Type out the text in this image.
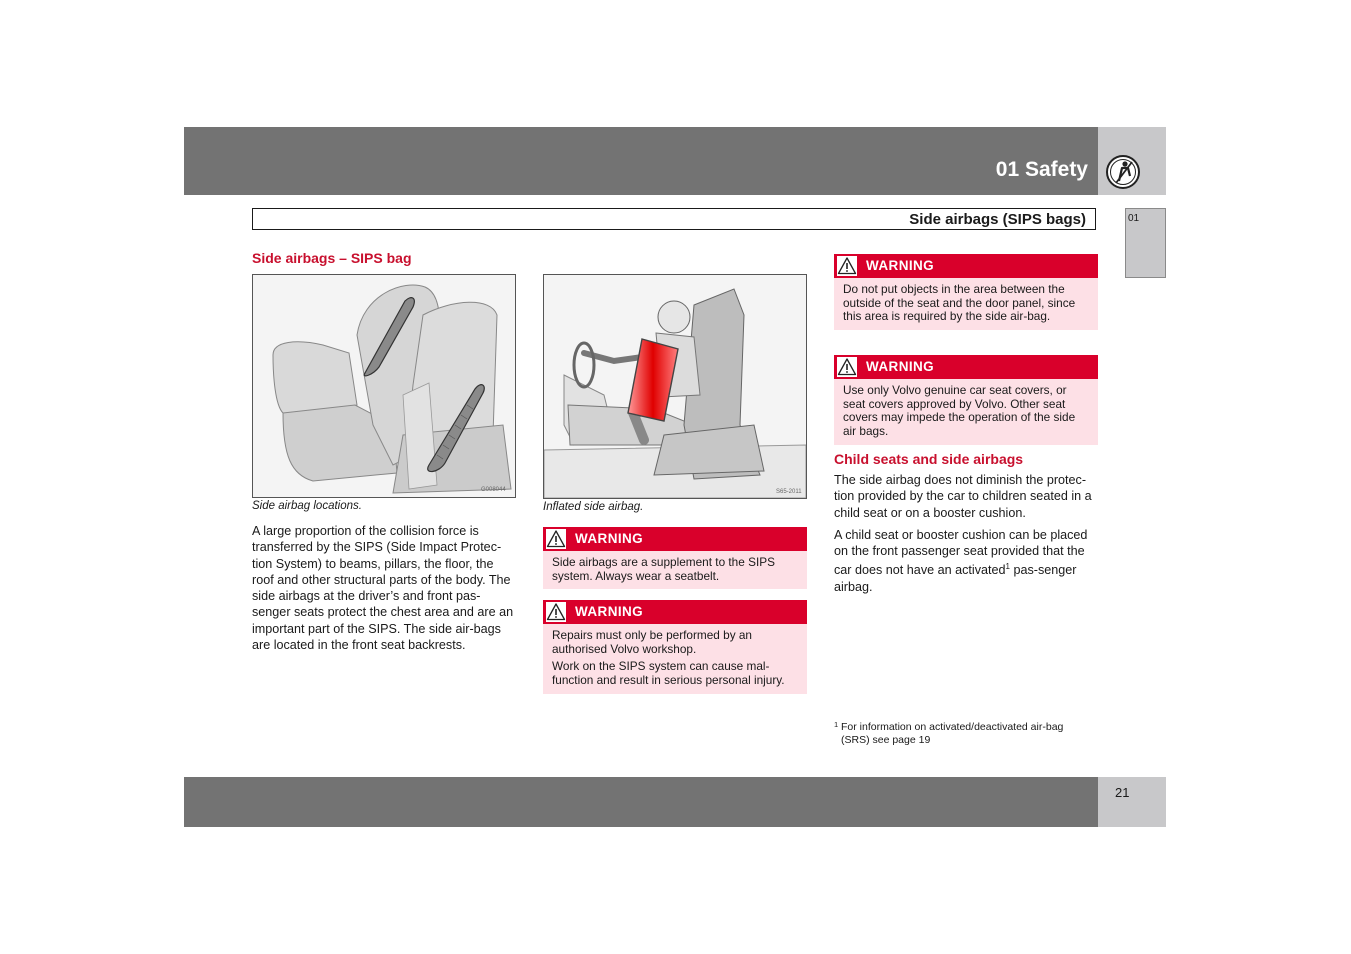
01 Safety
Side airbags (SIPS bags)	01
Side airbags – SIPS bag
G008044
Side airbag locations.

A large proportion of the collision force is transferred by the SIPS (Side Impact Protec-tion System) to beams, pillars, the floor, the roof and other structural parts of the body. The side airbags at the driver’s and front pas-senger seats protect the chest area and are an important part of the SIPS. The side air-bags are located in the front seat backrests.

S65-2011
Inflated side airbag.
WARNING

Side airbags are a supplement to the SIPS system. Always wear a seatbelt.

WARNING

Repairs must only be performed by an authorised Volvo workshop.

Work on the SIPS system can cause mal-function and result in serious personal injury.

WARNING

Do not put objects in the area between the outside of the seat and the door panel, since this area is required by the side air-bag.

WARNING

Use only Volvo genuine car seat covers, or seat covers approved by Volvo. Other seat covers may impede the operation of the side air bags.

Child seats and side airbags

The side airbag does not diminish the protec-tion provided by the car to children seated in a child seat or on a booster cushion.

A child seat or booster cushion can be placed on the front passenger seat provided that the car does not have an activated$^1$ pas-senger airbag.

1 For information on activated/deactivated air-bag (SRS) see page 19
21
